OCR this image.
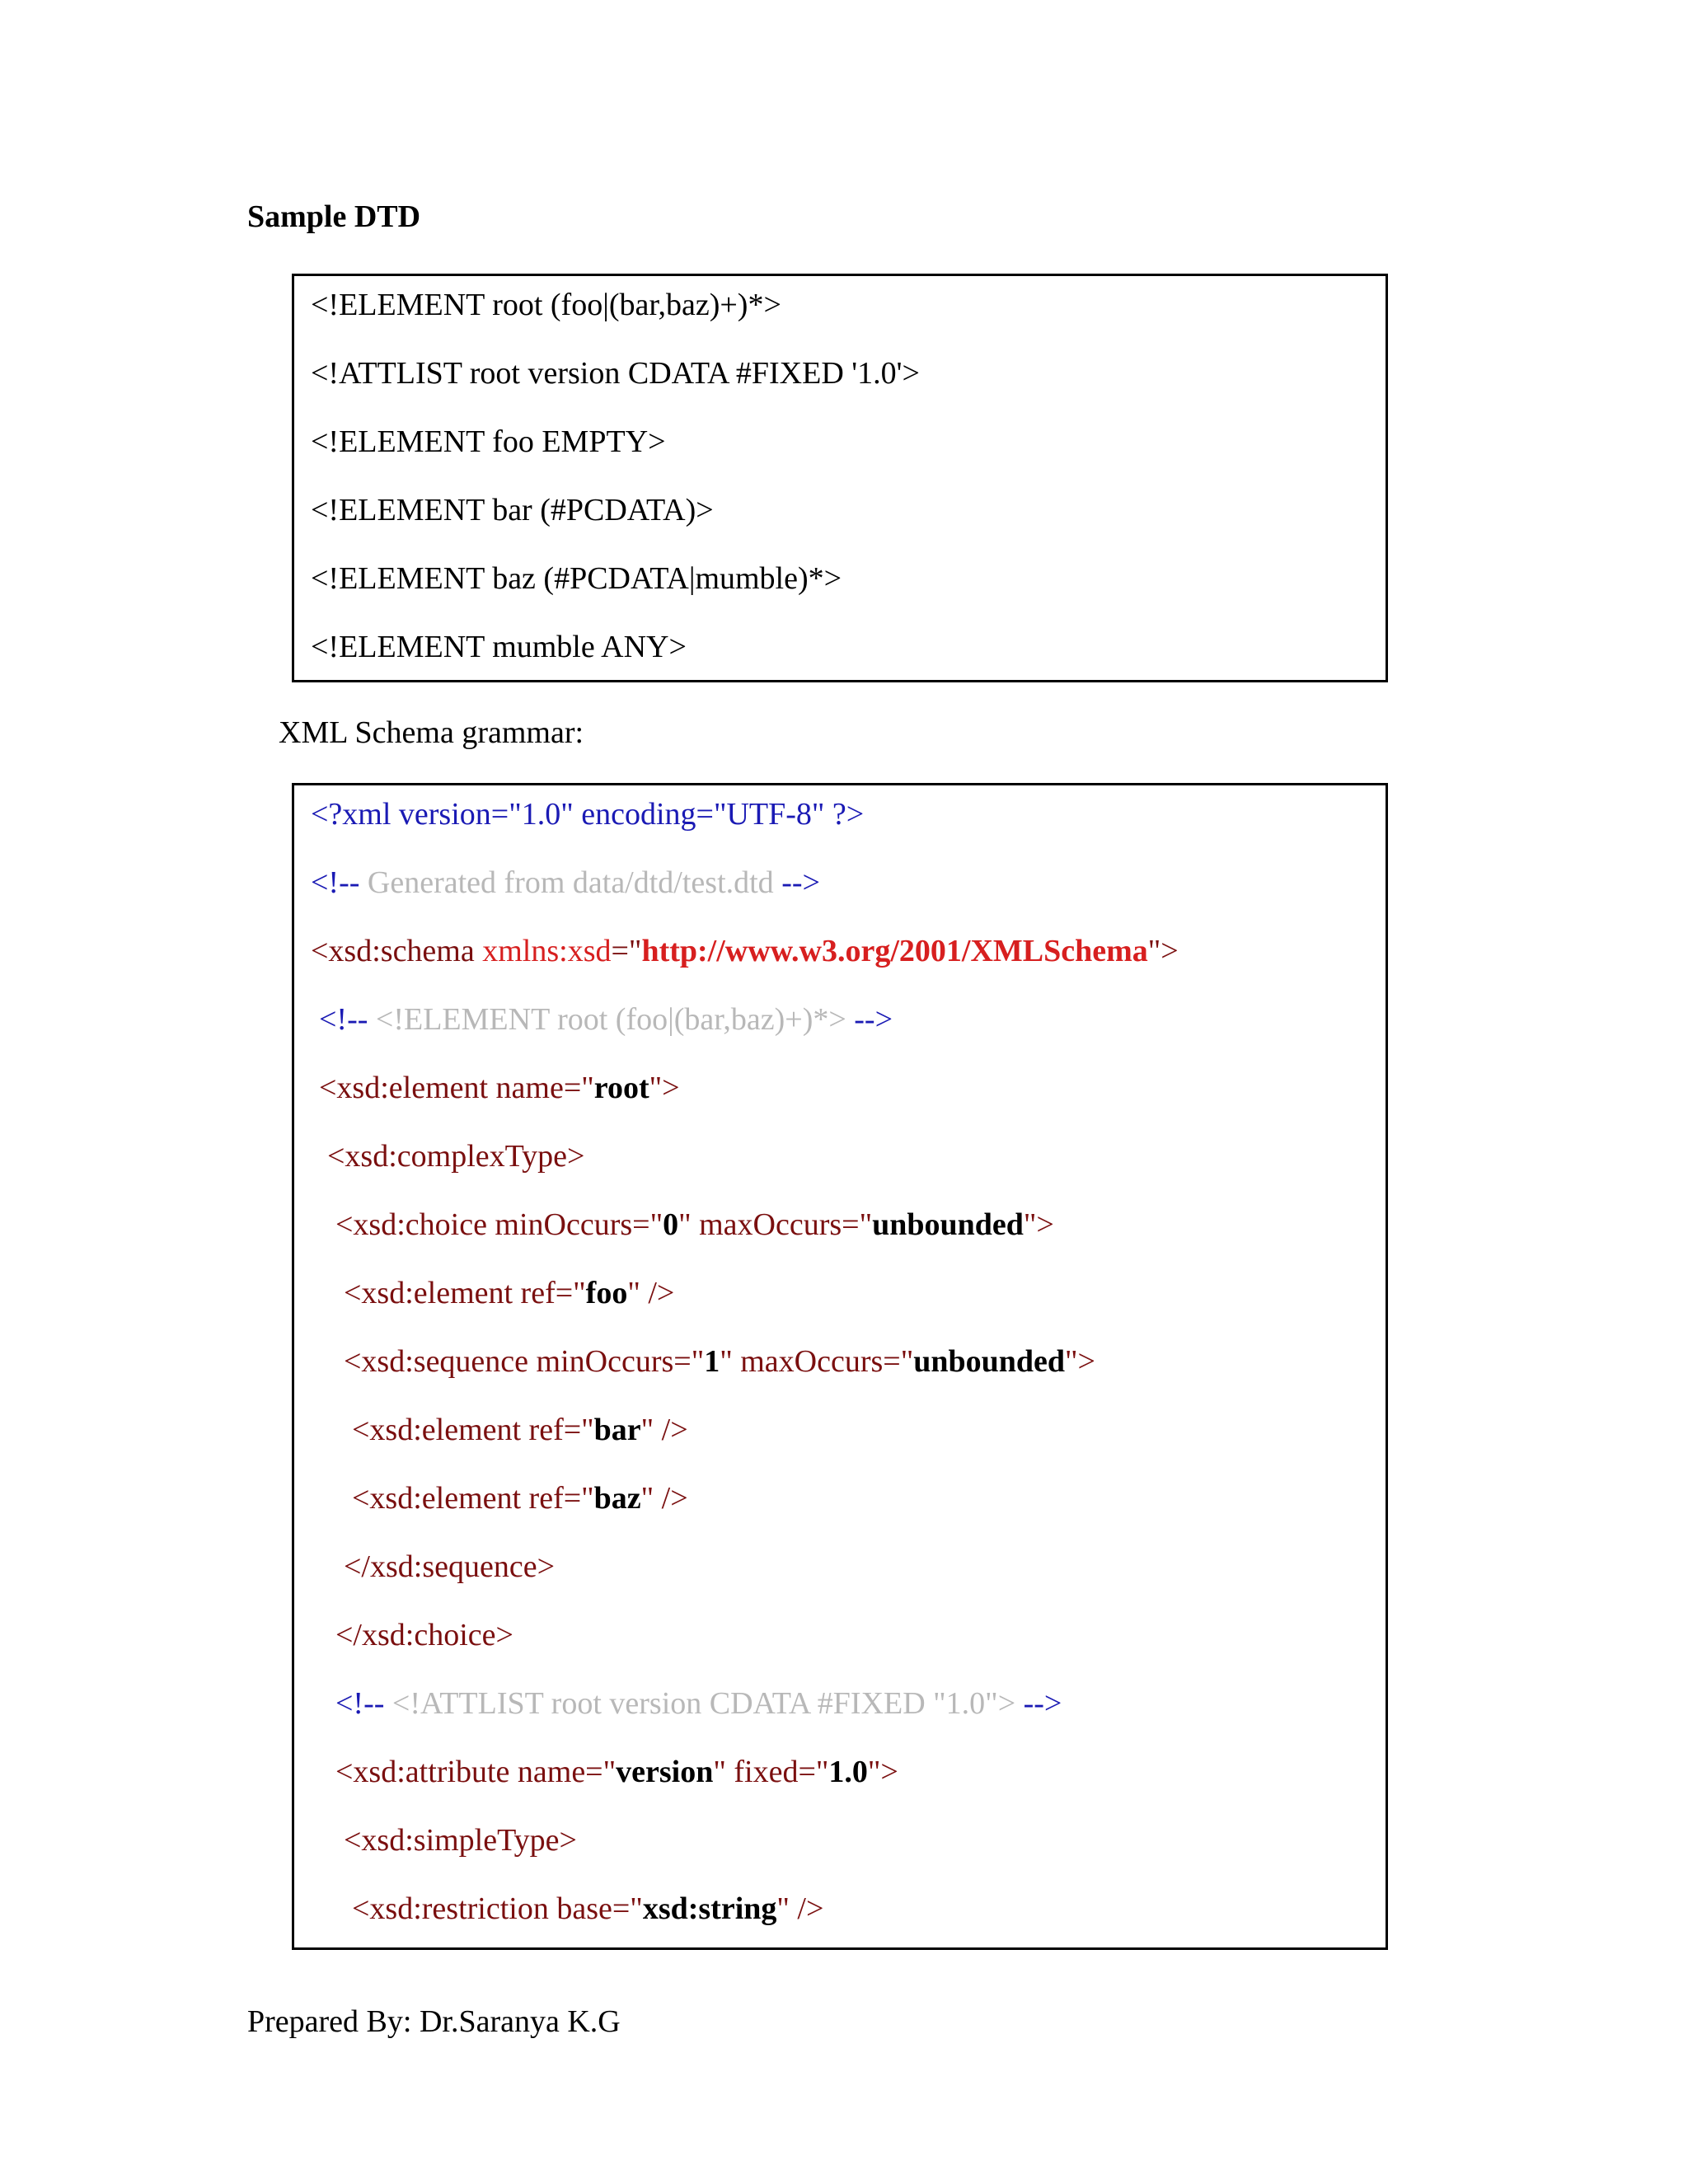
Sample DTD
<!ELEMENT root (foo|(bar,baz)+)*>
<!ATTLIST root version CDATA #FIXED '1.0'>
<!ELEMENT foo EMPTY>
<!ELEMENT bar (#PCDATA)>
<!ELEMENT baz (#PCDATA|mumble)*>
<!ELEMENT mumble ANY>
XML Schema grammar:
<?xml version="1.0" encoding="UTF-8" ?>
<!-- Generated from data/dtd/test.dtd -->
<xsd:schema xmlns:xsd="http://www.w3.org/2001/XMLSchema">
<!-- <!ELEMENT root (foo|(bar,baz)+)*> -->
<xsd:element name="root">
<xsd:complexType>
<xsd:choice minOccurs="0" maxOccurs="unbounded">
<xsd:element ref="foo" />
<xsd:sequence minOccurs="1" maxOccurs="unbounded">
<xsd:element ref="bar" />
<xsd:element ref="baz" />
</xsd:sequence>
</xsd:choice>
<!-- <!ATTLIST root version CDATA #FIXED "1.0"> -->
<xsd:attribute name="version" fixed="1.0">
<xsd:simpleType>
<xsd:restriction base="xsd:string" />
Prepared By: Dr.Saranya K.G
